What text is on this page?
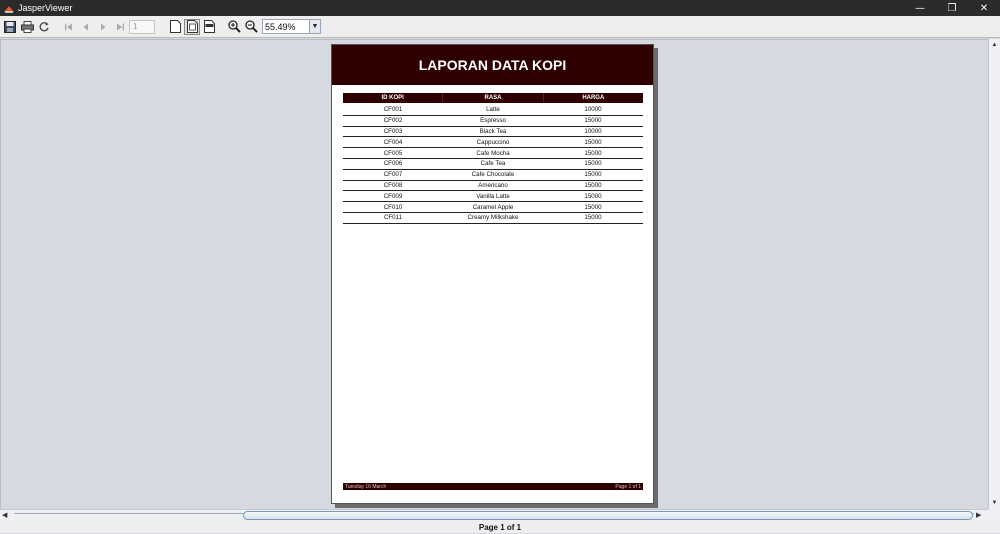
JasperViewer	—	❐	✕
1	55.49%	▼
LAPORAN DATA KOPI
ID KOPI	RASA	HARGA
CF001	Latte	10000
CF002	Espresso	15000
CF003	Black Tea	10000
CF004	Cappuccino	15000
CF005	Cafe Mocha	15000
CF006	Cafe Tea	15000
CF007	Cafe Chocolate	15000
CF008	Americano	15000
CF009	Vanilla Latte	15000
CF010	Caramel Apple	15000
CF011	Creamy Milkshake	15000
Tuesday 16 March	Page 1 of 1
▲
▼
◀	▶
Page 1 of 1
